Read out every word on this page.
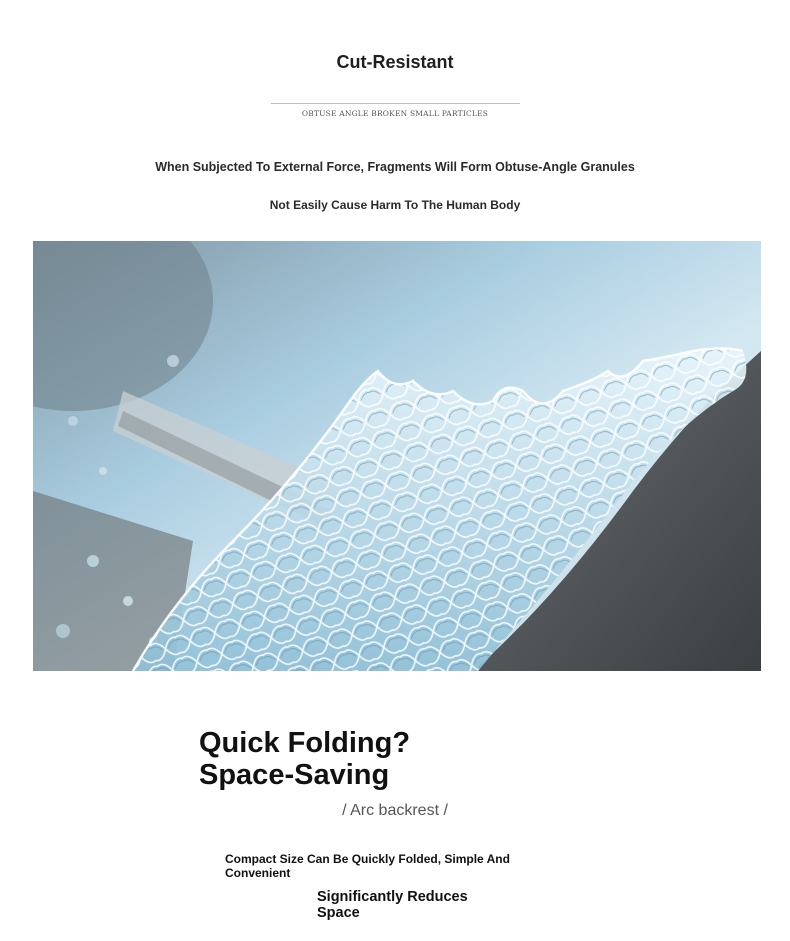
Cut-Resistant
OBTUSE ANGLE BROKEN SMALL PARTICLES
When Subjected To External Force, Fragments Will Form Obtuse-Angle Granules
Not Easily Cause Harm To The Human Body
Quick Folding?
Space-Saving
/ Arc backrest /
Compact Size Can Be Quickly Folded, Simple And Convenient
Significantly Reduces Space
